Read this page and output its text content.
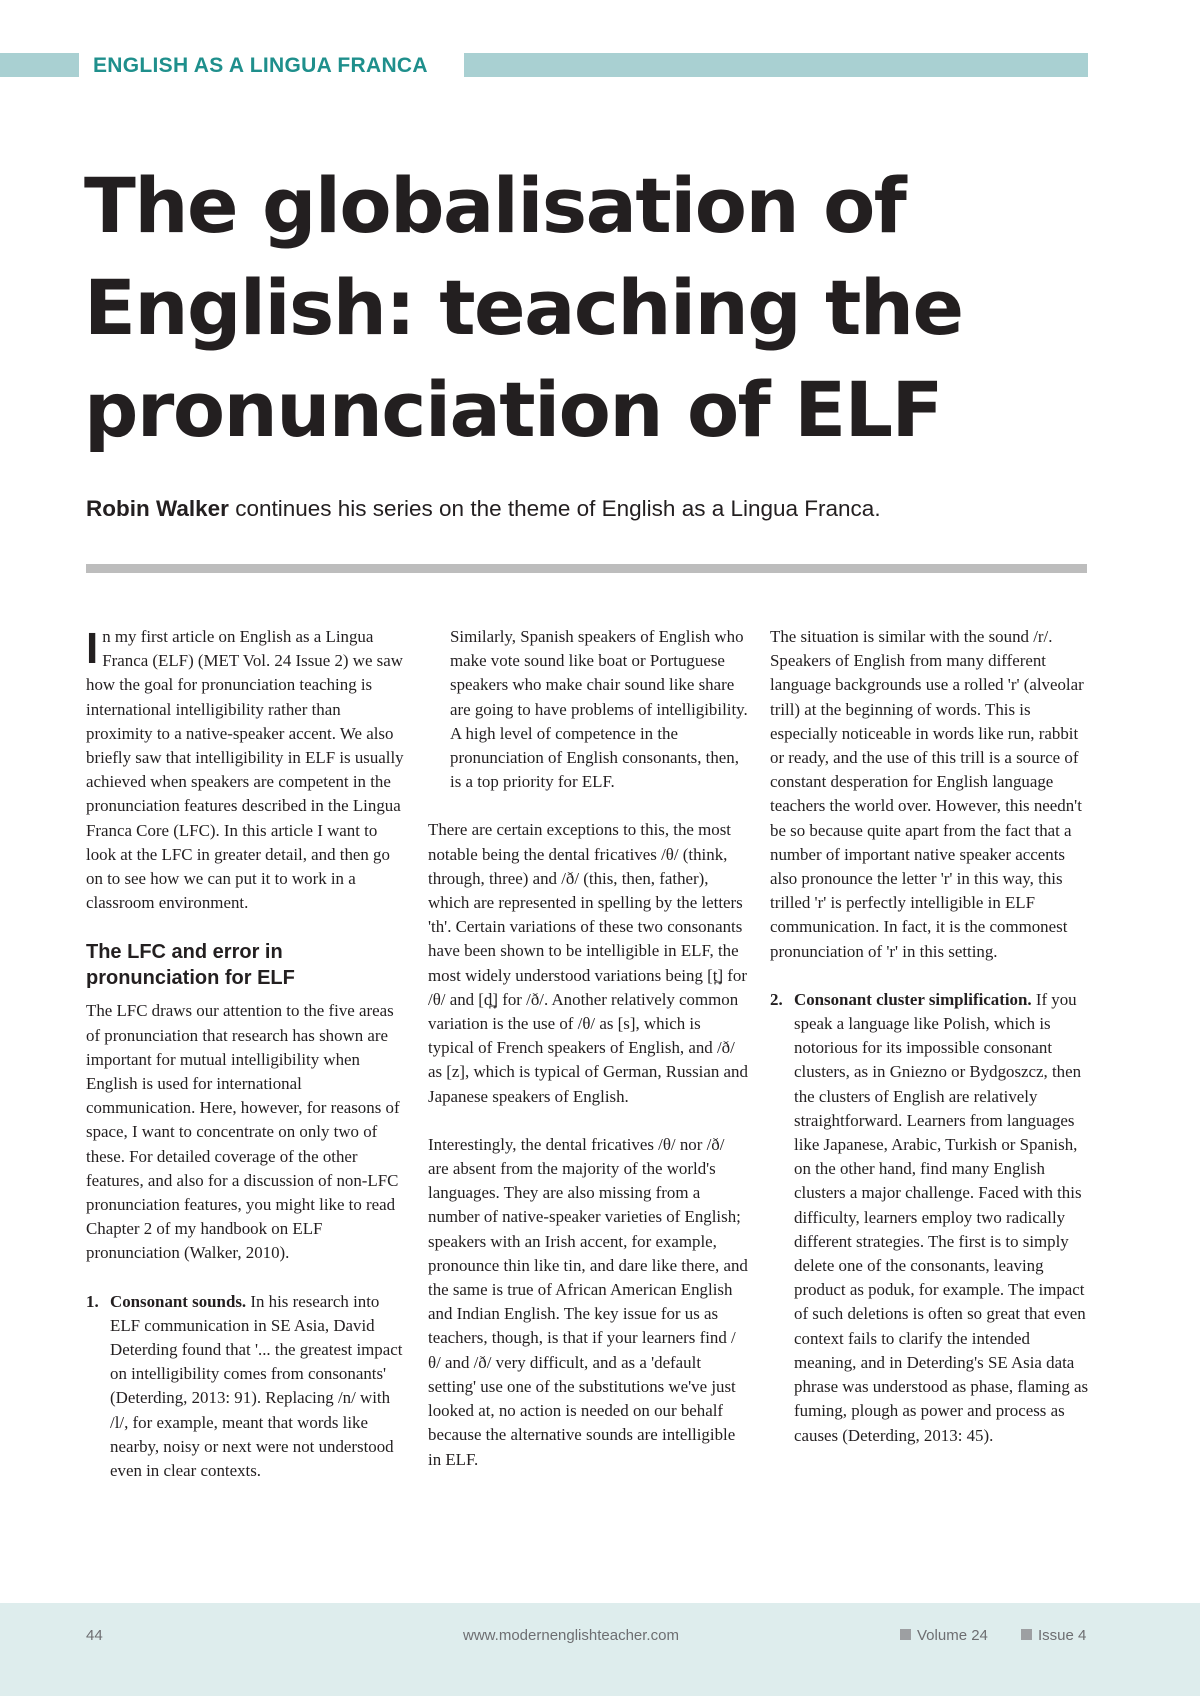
ENGLISH AS A LINGUA FRANCA
The globalisation of English: teaching the pronunciation of ELF
Robin Walker continues his series on the theme of English as a Lingua Franca.

In my first article on English as a Lingua Franca (ELF) (MET Vol. 24 Issue 2) we saw how the goal for pronunciation teaching is international intelligibility rather than proximity to a native-speaker accent. We also briefly saw that intelligibility in ELF is usually achieved when speakers are competent in the pronunciation features described in the Lingua Franca Core (LFC). In this article I want to look at the LFC in greater detail, and then go on to see how we can put it to work in a classroom environment.

The LFC and error in pronunciation for ELF

The LFC draws our attention to the five areas of pronunciation that research has shown are important for mutual intelligibility when English is used for international communication. Here, however, for reasons of space, I want to concentrate on only two of these. For detailed coverage of the other features, and also for a discussion of non-LFC pronunciation features, you might like to read Chapter 2 of my handbook on ELF pronunciation (Walker, 2010).

1. Consonant sounds. In his research into ELF communication in SE Asia, David Deterding found that '... the greatest impact on intelligibility comes from consonants' (Deterding, 2013: 91). Replacing /n/ with /l/, for example, meant that words like nearby, noisy or next were not understood even in clear contexts.

Similarly, Spanish speakers of English who make vote sound like boat or Portuguese speakers who make chair sound like share are going to have problems of intelligibility. A high level of competence in the pronunciation of English consonants, then, is a top priority for ELF.

There are certain exceptions to this, the most notable being the dental fricatives /θ/ (think, through, three) and /ð/ (this, then, father), which are represented in spelling by the letters 'th'. Certain variations of these two consonants have been shown to be intelligible in ELF, the most widely understood variations being [t̪] for /θ/ and [d̪] for /ð/. Another relatively common variation is the use of /θ/ as [s], which is typical of French speakers of English, and /ð/ as [z], which is typical of German, Russian and Japanese speakers of English.

Interestingly, the dental fricatives /θ/ nor /ð/ are absent from the majority of the world's languages. They are also missing from a number of native-speaker varieties of English; speakers with an Irish accent, for example, pronounce thin like tin, and dare like there, and the same is true of African American English and Indian English. The key issue for us as teachers, though, is that if your learners find /θ/ and /ð/ very difficult, and as a 'default setting' use one of the substitutions we've just looked at, no action is needed on our behalf because the alternative sounds are intelligible in ELF.

The situation is similar with the sound /r/. Speakers of English from many different language backgrounds use a rolled 'r' (alveolar trill) at the beginning of words. This is especially noticeable in words like run, rabbit or ready, and the use of this trill is a source of constant desperation for English language teachers the world over. However, this needn't be so because quite apart from the fact that a number of important native speaker accents also pronounce the letter 'r' in this way, this trilled 'r' is perfectly intelligible in ELF communication. In fact, it is the commonest pronunciation of 'r' in this setting.

2. Consonant cluster simplification. If you speak a language like Polish, which is notorious for its impossible consonant clusters, as in Gniezno or Bydgoszcz, then the clusters of English are relatively straightforward. Learners from languages like Japanese, Arabic, Turkish or Spanish, on the other hand, find many English clusters a major challenge. Faced with this difficulty, learners employ two radically different strategies. The first is to simply delete one of the consonants, leaving product as poduk, for example. The impact of such deletions is often so great that even context fails to clarify the intended meaning, and in Deterding's SE Asia data phrase was understood as phase, flaming as fuming, plough as power and process as causes (Deterding, 2013: 45).
44	www.modernenglishteacher.com	Volume 24	Issue 4
